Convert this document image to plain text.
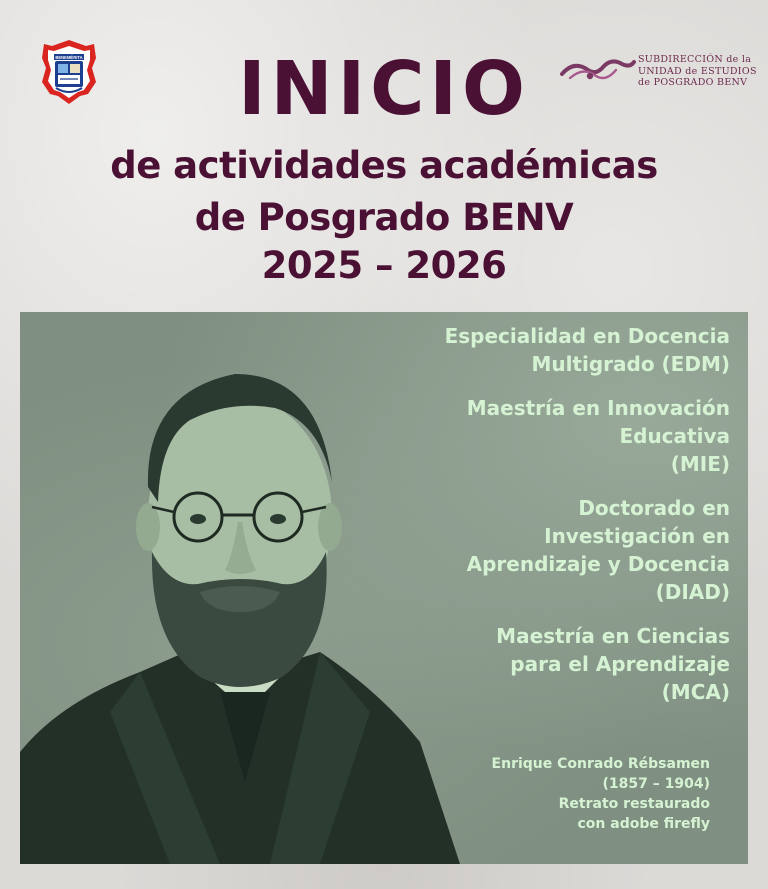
BENEMÉRITA	SUBDIRECCIÓN de la
UNIDAD de ESTUDIOS
de POSGRADO BENV
INICIO
de actividades académicas
de Posgrado BENV
2025 – 2026
Especialidad en Docencia
Multigrado (EDM)
Maestría en Innovación
Educativa
(MIE)
Doctorado en
Investigación en
Aprendizaje y Docencia
(DIAD)
Maestría en Ciencias
para el Aprendizaje
(MCA)
Enrique Conrado Rébsamen
(1857 – 1904)
Retrato restaurado
con adobe firefly
